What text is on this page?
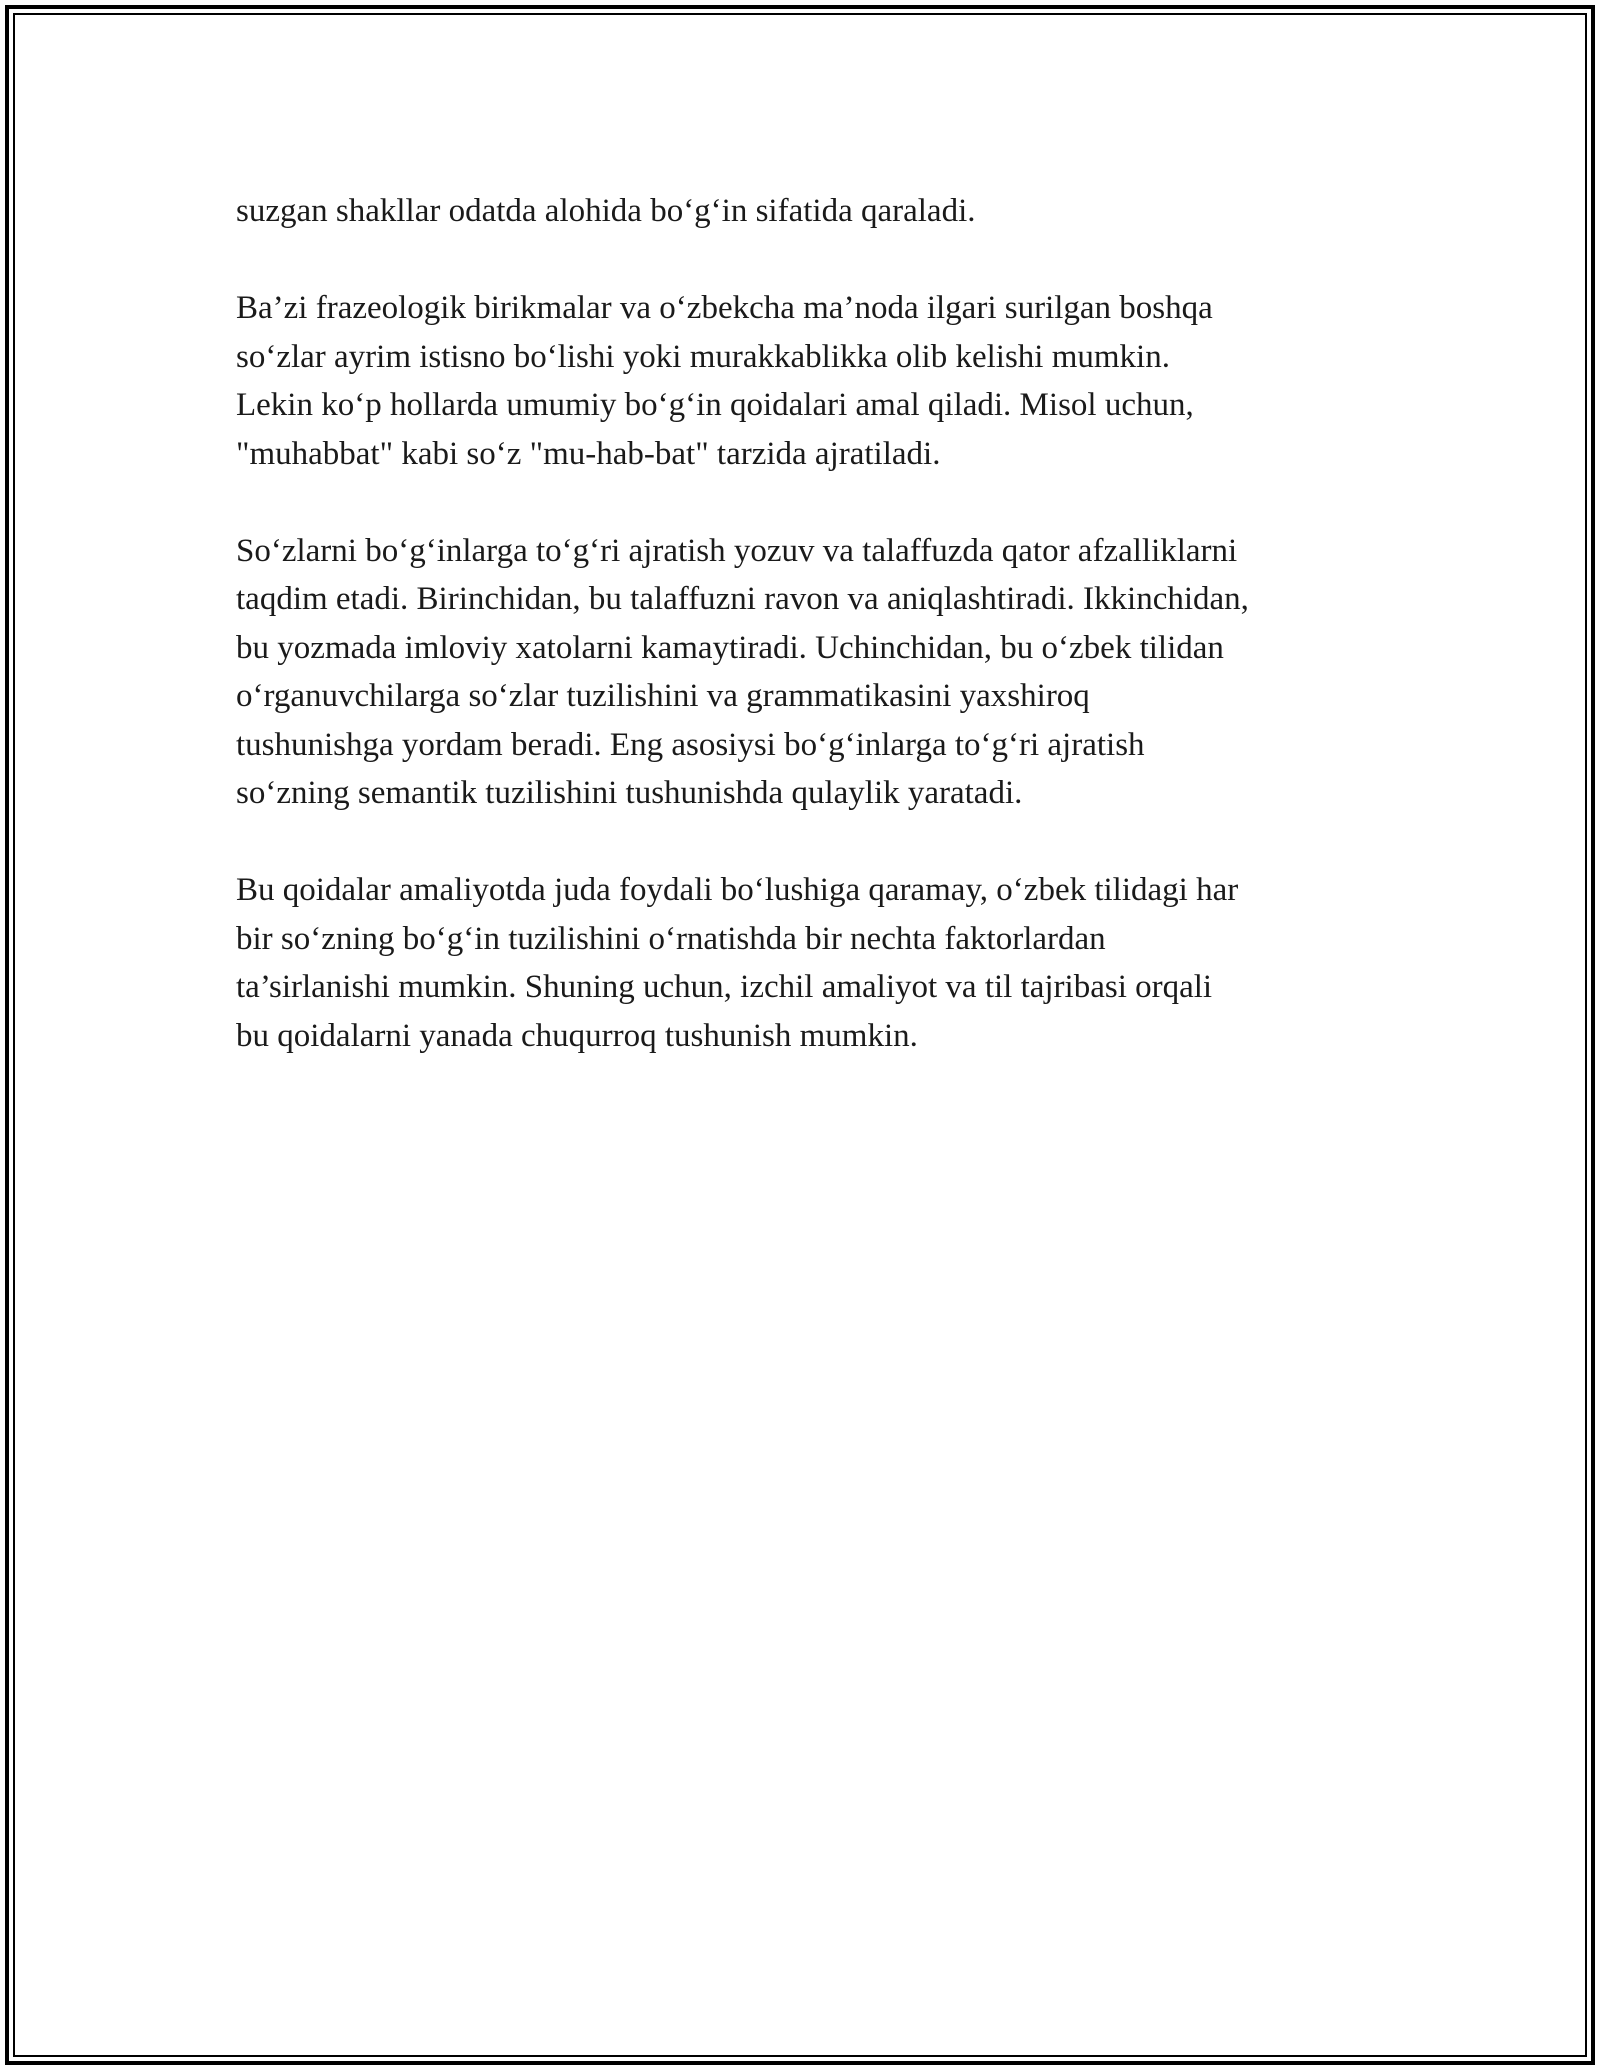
suzgan shakllar odatda alohida boʻgʻin sifatida qaraladi.

Ba’zi frazeologik birikmalar va oʻzbekcha ma’noda ilgari surilgan boshqa
soʻzlar ayrim istisno boʻlishi yoki murakkablikka olib kelishi mumkin.
Lekin koʻp hollarda umumiy boʻgʻin qoidalari amal qiladi. Misol uchun,
"muhabbat" kabi soʻz "mu-hab-bat" tarzida ajratiladi.

Soʻzlarni boʻgʻinlarga toʻgʻri ajratish yozuv va talaffuzda qator afzalliklarni
taqdim etadi. Birinchidan, bu talaffuzni ravon va aniqlashtiradi. Ikkinchidan,
bu yozmada imloviy xatolarni kamaytiradi. Uchinchidan, bu oʻzbek tilidan
oʻrganuvchilarga soʻzlar tuzilishini va grammatikasini yaxshiroq
tushunishga yordam beradi. Eng asosiysi boʻgʻinlarga toʻgʻri ajratish
soʻzning semantik tuzilishini tushunishda qulaylik yaratadi.

Bu qoidalar amaliyotda juda foydali boʻlushiga qaramay, oʻzbek tilidagi har
bir soʻzning boʻgʻin tuzilishini oʻrnatishda bir nechta faktorlardan
ta’sirlanishi mumkin. Shuning uchun, izchil amaliyot va til tajribasi orqali
bu qoidalarni yanada chuqurroq tushunish mumkin.
